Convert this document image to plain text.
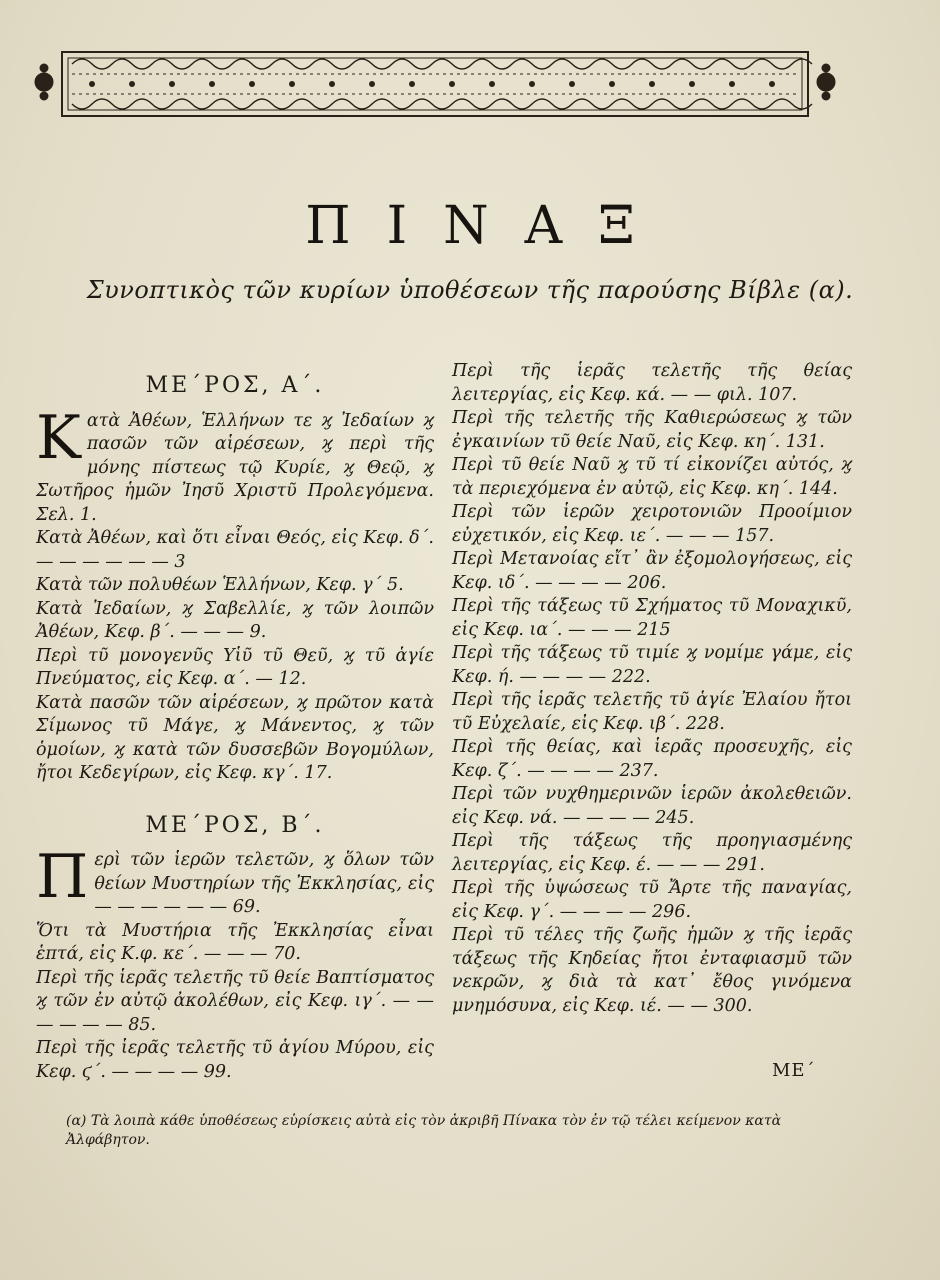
ΠΙΝΑΞ
Συνοπτικὸς τῶν κυρίων ὑποθέσεων τῆς παρούσης Βίβλε (α).
ΜΕ΄ΡΟΣ, Α΄.

Κατὰ Ἀθέων, Ἑλλήνων τε ϗ Ἰεδαίων ϗ πασῶν τῶν αἱρέσεων, ϗ περὶ τῆς μόνης πίστεως τῷ Κυρίε, ϗ Θεῷ, ϗ Σωτῆρος ἡμῶν Ἰησῦ Χριστῦ Προλεγόμενα. Σελ. 1.

Κατὰ Ἀθέων, καὶ ὅτι εἶναι Θεός, εἰς Κεφ. δ΄. — — — — — — 3

Κατὰ τῶν πολυθέων Ἑλλήνων, Κεφ. γ΄ 5.

Κατὰ Ἰεδαίων, ϗ Σαβελλίε, ϗ τῶν λοιπῶν Ἀθέων, Κεφ. β΄. — — — 9.

Περὶ τῦ μονογενῦς Υἱῦ τῦ Θεῦ, ϗ τῦ ἁγίε Πνεύματος, εἰς Κεφ. α΄. — 12.

Κατὰ πασῶν τῶν αἱρέσεων, ϗ πρῶτον κατὰ Σίμωνος τῦ Μάγε, ϗ Μάνεντος, ϗ τῶν ὁμοίων, ϗ κατὰ τῶν δυσσεβῶν Βογομύλων, ἤτοι Κεδεγίρων, εἰς Κεφ. κγ΄. 17.

ΜΕ΄ΡΟΣ, Β΄.

Περὶ τῶν ἱερῶν τελετῶν, ϗ ὅλων τῶν θείων Μυστηρίων τῆς Ἐκκλησίας, εἰς — — — — — — 69.

Ὅτι τὰ Μυστήρια τῆς Ἐκκλησίας εἶναι ἑπτά, εἰς Κ.φ. κε΄. — — — 70.

Περὶ τῆς ἱερᾶς τελετῆς τῦ θείε Βαπτίσματος ϗ τῶν ἐν αὐτῷ ἀκολέθων, εἰς Κεφ. ιγ΄. — — — — — — 85.

Περὶ τῆς ἱερᾶς τελετῆς τῦ ἁγίου Μύρου, εἰς Κεφ. ϛ΄. — — — — 99.

Περὶ τῆς ἱερᾶς τελετῆς τῆς θείας λειτεργίας, εἰς Κεφ. κά. — — φιλ. 107.

Περὶ τῆς τελετῆς τῆς Καθιερώσεως ϗ τῶν ἐγκαινίων τῦ θείε Ναῦ, εἰς Κεφ. κη΄. 131.

Περὶ τῦ θείε Ναῦ ϗ τῦ τί εἰκονίζει αὐτός, ϗ τὰ περιεχόμενα ἐν αὐτῷ, εἰς Κεφ. κη΄. 144.

Περὶ τῶν ἱερῶν χειροτονιῶν Προοίμιον εὐχετικόν, εἰς Κεφ. ιε΄. — — — 157.

Περὶ Μετανοίας εἴτ᾽ ἂν ἐξομολογήσεως, εἰς Κεφ. ιδ΄. — — — — 206.

Περὶ τῆς τάξεως τῦ Σχήματος τῦ Μοναχικῦ, εἰς Κεφ. ια΄. — — — 215

Περὶ τῆς τάξεως τῦ τιμίε ϗ νομίμε γάμε, εἰς Κεφ. ή. — — — — 222.

Περὶ τῆς ἱερᾶς τελετῆς τῦ ἁγίε Ἐλαίου ἤτοι τῦ Εὐχελαίε, εἰς Κεφ. ιβ΄. 228.

Περὶ τῆς θείας, καὶ ἱερᾶς προσευχῆς, εἰς Κεφ. ζ΄. — — — — 237.

Περὶ τῶν νυχθημερινῶν ἱερῶν ἀκολεθειῶν. εἰς Κεφ. νά. — — — — 245.

Περὶ τῆς τάξεως τῆς προηγιασμένης λειτεργίας, εἰς Κεφ. έ. — — — 291.

Περὶ τῆς ὑψώσεως τῦ Ἄρτε τῆς παναγίας, εἰς Κεφ. γ΄. — — — — 296.

Περὶ τῦ τέλες τῆς ζωῆς ἡμῶν ϗ τῆς ἱερᾶς τάξεως τῆς Κηδείας ἤτοι ἐνταφιασμῦ τῶν νεκρῶν, ϗ διὰ τὰ κατ᾽ ἔθος γινόμενα μνημόσυνα, εἰς Κεφ. ιέ. — — 300.

ΜΕ΄
(α) Τὰ λοιπὰ κάθε ὑποθέσεως εὑρίσκεις αὐτὰ εἰς τὸν ἀκριβῆ Πίνακα τὸν ἐν τῷ τέλει κείμενον κατὰ Ἀλφάβητον.
